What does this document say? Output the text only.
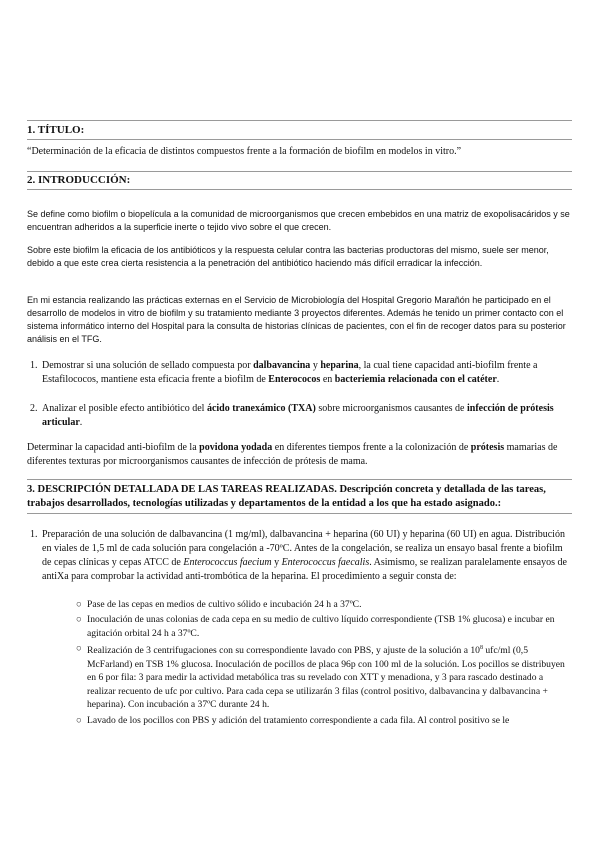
1. TÍTULO:
“Determinación de la eficacia de distintos compuestos frente a la formación de biofilm en modelos in vitro.”
2. INTRODUCCIÓN:
Se define como biofilm o biopelícula a la comunidad de microorganismos que crecen embebidos en una matriz de exopolisacáridos y se encuentran adheridos a la superficie inerte o tejido vivo sobre el que crecen.
Sobre este biofilm la eficacia de los antibióticos y la respuesta celular contra las bacterias productoras del mismo, suele ser menor, debido a que este crea cierta resistencia a la penetración del antibiótico haciendo más difícil erradicar la infección.
En mi estancia realizando las prácticas externas en el Servicio de Microbiología del Hospital Gregorio Marañón he participado en el desarrollo de modelos in vitro de biofilm y su tratamiento mediante 3 proyectos diferentes. Además he tenido un primer contacto con el sistema informático interno del Hospital para la consulta de historias clínicas de pacientes, con el fin de recoger datos para su posterior análisis en el TFG.
1. Demostrar si una solución de sellado compuesta por dalbavancina y heparina, la cual tiene capacidad anti-biofilm frente a Estafilococos, mantiene esta eficacia frente a biofilm de Enterococos en bacteriemia relacionada con el catéter.
2. Analizar el posible efecto antibiótico del ácido tranexámico (TXA) sobre microorganismos causantes de infección de prótesis articular.
Determinar la capacidad anti-biofilm de la povidona yodada en diferentes tiempos frente a la colonización de prótesis mamarias de diferentes texturas por microorganismos causantes de infección de prótesis de mama.
3. DESCRIPCIÓN DETALLADA DE LAS TAREAS REALIZADAS. Descripción concreta y detallada de las tareas, trabajos desarrollados, tecnologías utilizadas y departamentos de la entidad a los que ha estado asignado.:
1. Preparación de una solución de dalbavancina (1 mg/ml), dalbavancina + heparina (60 UI) y heparina (60 UI) en agua. Distribución en viales de 1,5 ml de cada solución para congelación a -70ºC. Antes de la congelación, se realiza un ensayo basal frente a biofilm de cepas clínicas y cepas ATCC de Enterococcus faecium y Enterococcus faecalis. Asimismo, se realizan paralelamente ensayos de antiXa para comprobar la actividad anti-trombótica de la heparina. El procedimiento a seguir consta de:
○ Pase de las cepas en medios de cultivo sólido e incubación 24 h a 37ºC.
○ Inoculación de unas colonias de cada cepa en su medio de cultivo líquido correspondiente (TSB 1% glucosa) e incubar en agitación orbital 24 h a 37ºC.
○ Realización de 3 centrifugaciones con su correspondiente lavado con PBS, y ajuste de la solución a $10^8$ ufc/ml (0,5 McFarland) en TSB 1% glucosa. Inoculación de pocillos de placa 96p con 100 ml de la solución. Los pocillos se distribuyen en 6 por fila: 3 para medir la actividad metabólica tras su revelado con XTT y menadiona, y 3 para rascado destinado a realizar recuento de ufc por cultivo. Para cada cepa se utilizarán 3 filas (control positivo, dalbavancina y dalbavancina + heparina). Con incubación a 37ºC durante 24 h.
○ Lavado de los pocillos con PBS y adición del tratamiento correspondiente a cada fila. Al control positivo se le
